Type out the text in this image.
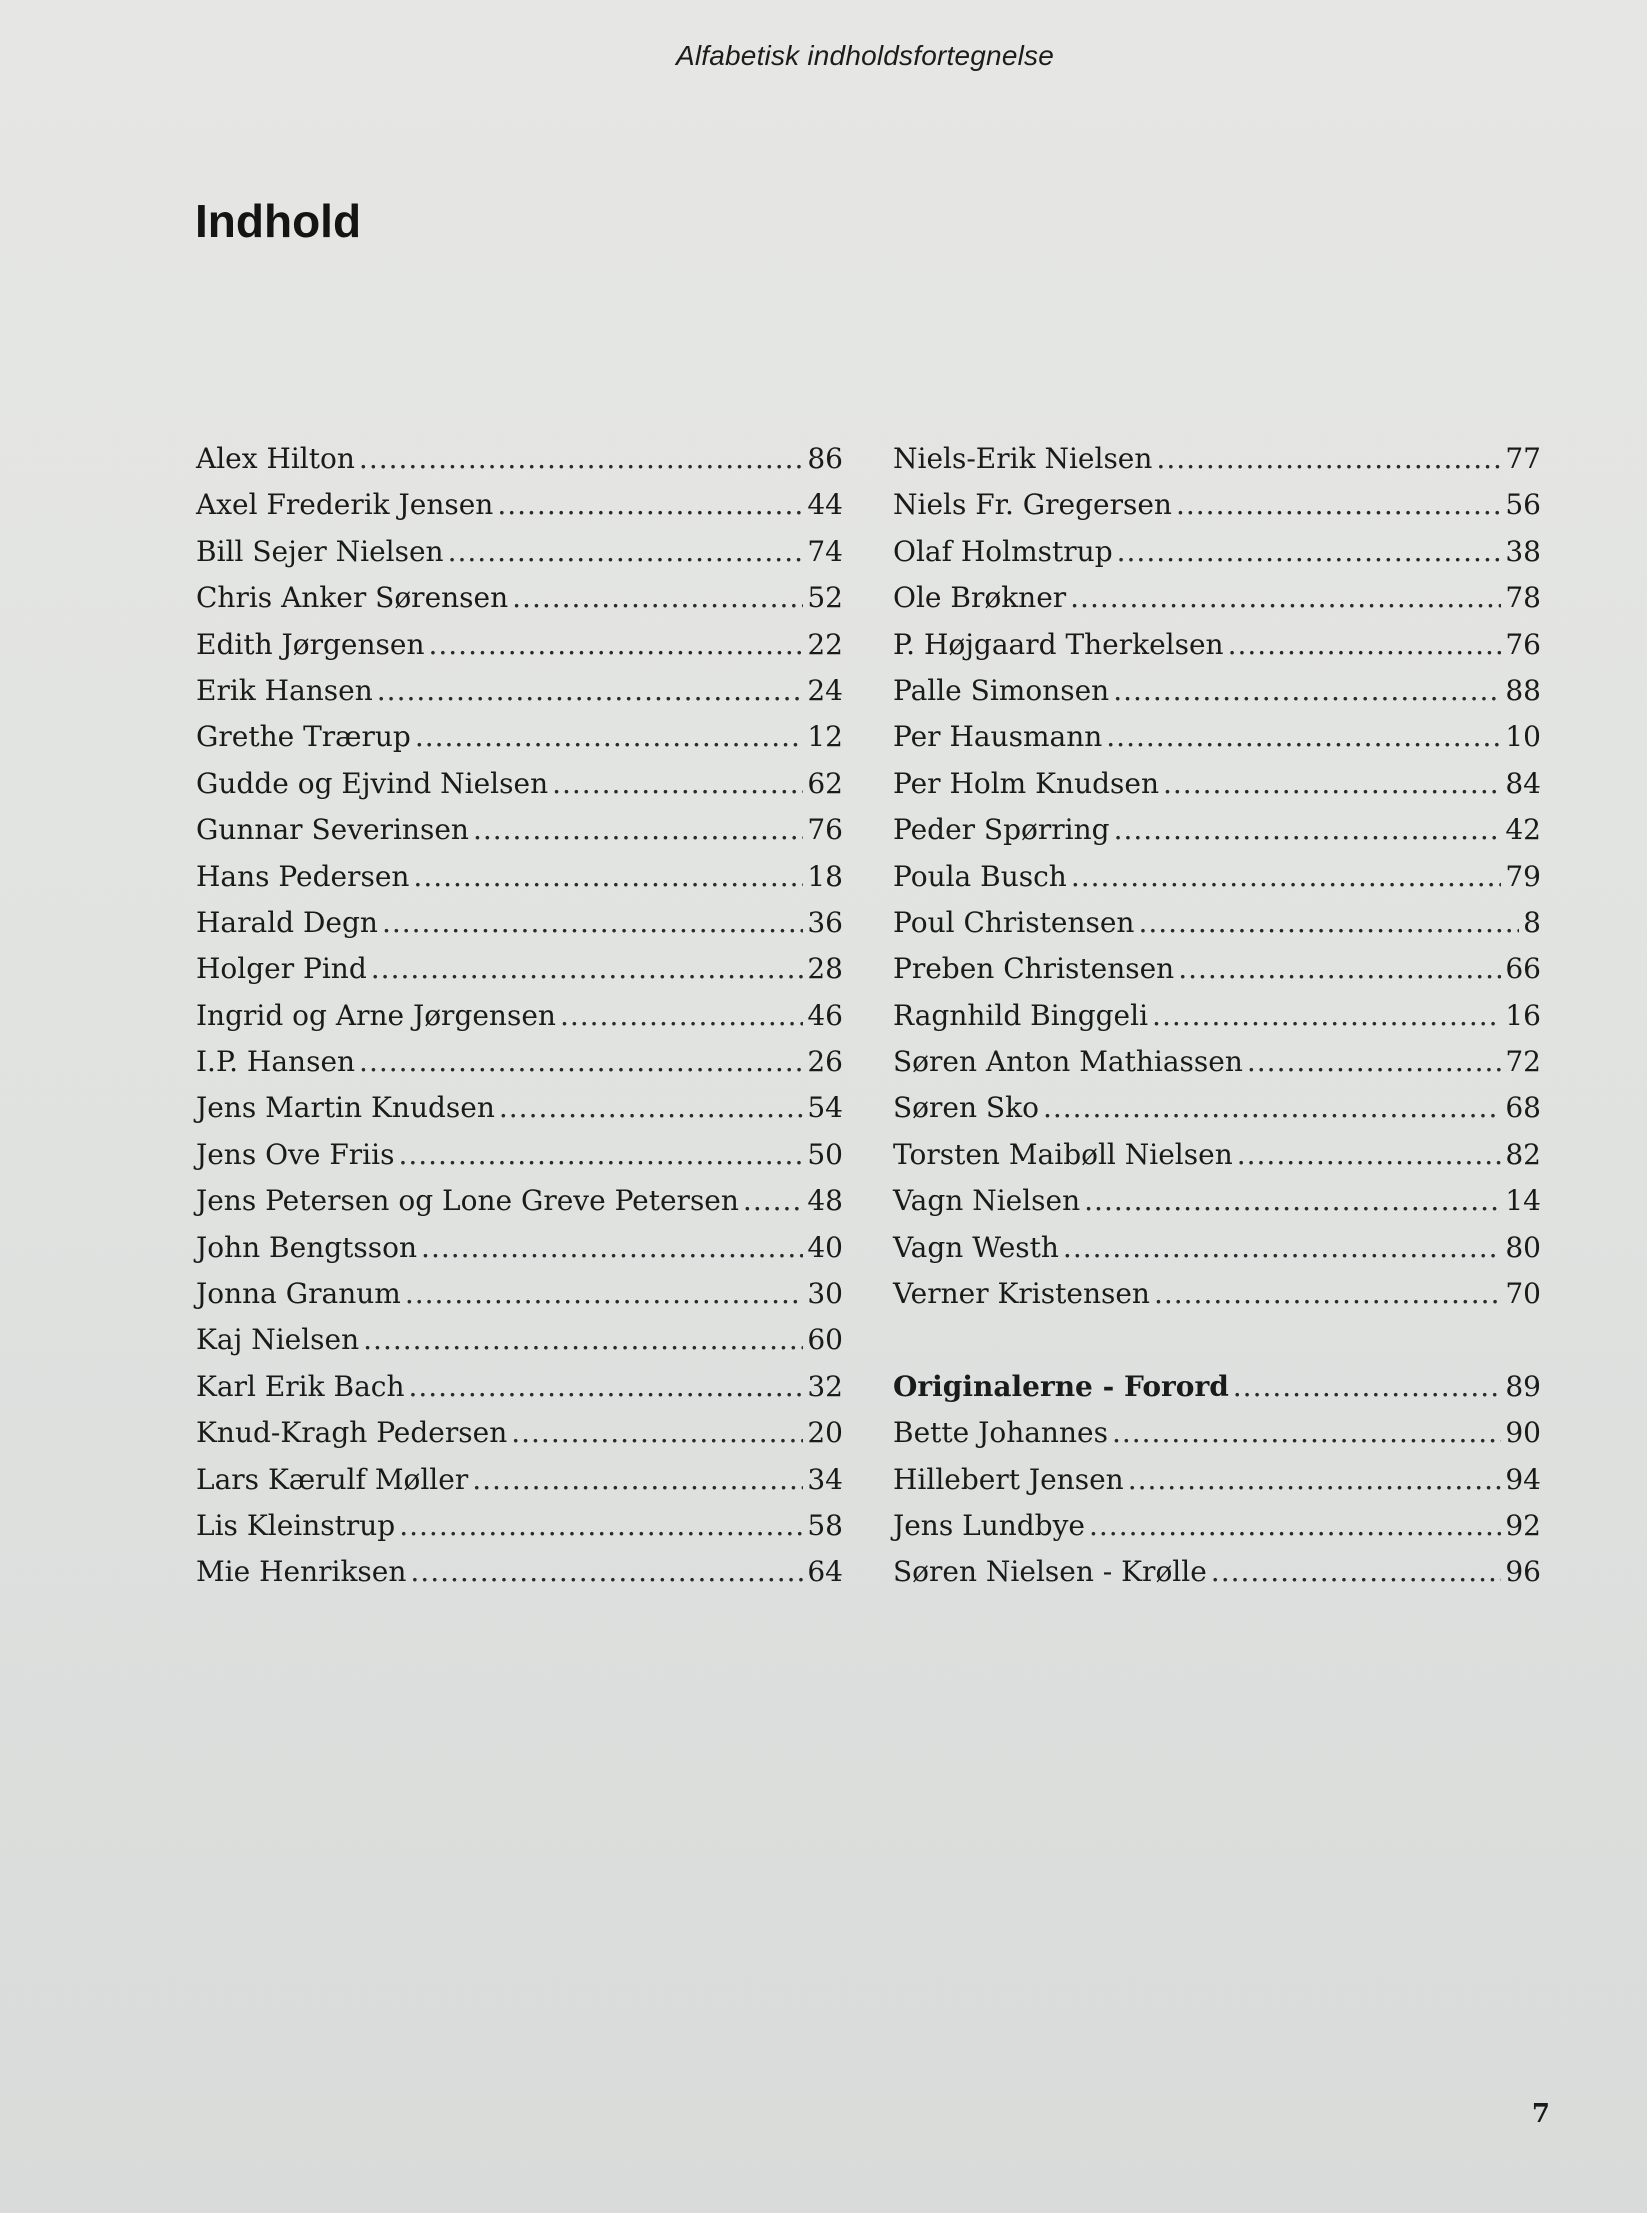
Alfabetisk indholdsfortegnelse
Indhold
Alex Hilton .....	86
Axel Frederik Jensen .....	44
Bill Sejer Nielsen .....	74
Chris Anker Sørensen .....	52
Edith Jørgensen .....	22
Erik Hansen .....	24
Grethe Trærup .....	12
Gudde og Ejvind Nielsen .....	62
Gunnar Severinsen .....	76
Hans Pedersen .....	18
Harald Degn .....	36
Holger Pind .....	28
Ingrid og Arne Jørgensen .....	46
I.P. Hansen .....	26
Jens Martin Knudsen .....	54
Jens Ove Friis .....	50
Jens Petersen og Lone Greve Petersen ..... 48
John Bengtsson .....	40
Jonna Granum .....	30
Kaj Nielsen .....	60
Karl Erik Bach .....	32
Knud-Kragh Pedersen .....	20
Lars Kærulf Møller .....	34
Lis Kleinstrup .....	58
Mie Henriksen .....	64
Niels-Erik Nielsen .....	77
Niels Fr. Gregersen .....	56
Olaf Holmstrup .....	38
Ole Brøkner .....	78
P. Højgaard Therkelsen .....	76
Palle Simonsen .....	88
Per Hausmann .....	10
Per Holm Knudsen .....	84
Peder Spørring .....	42
Poula Busch .....	79
Poul Christensen .....	8
Preben Christensen .....	66
Ragnhild Binggeli .....	16
Søren Anton Mathiassen .....	72
Søren Sko .....	68
Torsten Maibøll Nielsen .....	82
Vagn Nielsen .....	14
Vagn Westh .....	80
Verner Kristensen .....	70
Originalerne - Forord .....	89
Bette Johannes .....	90
Hillebert Jensen .....	94
Jens Lundbye .....	92
Søren Nielsen - Krølle .....	96
7
